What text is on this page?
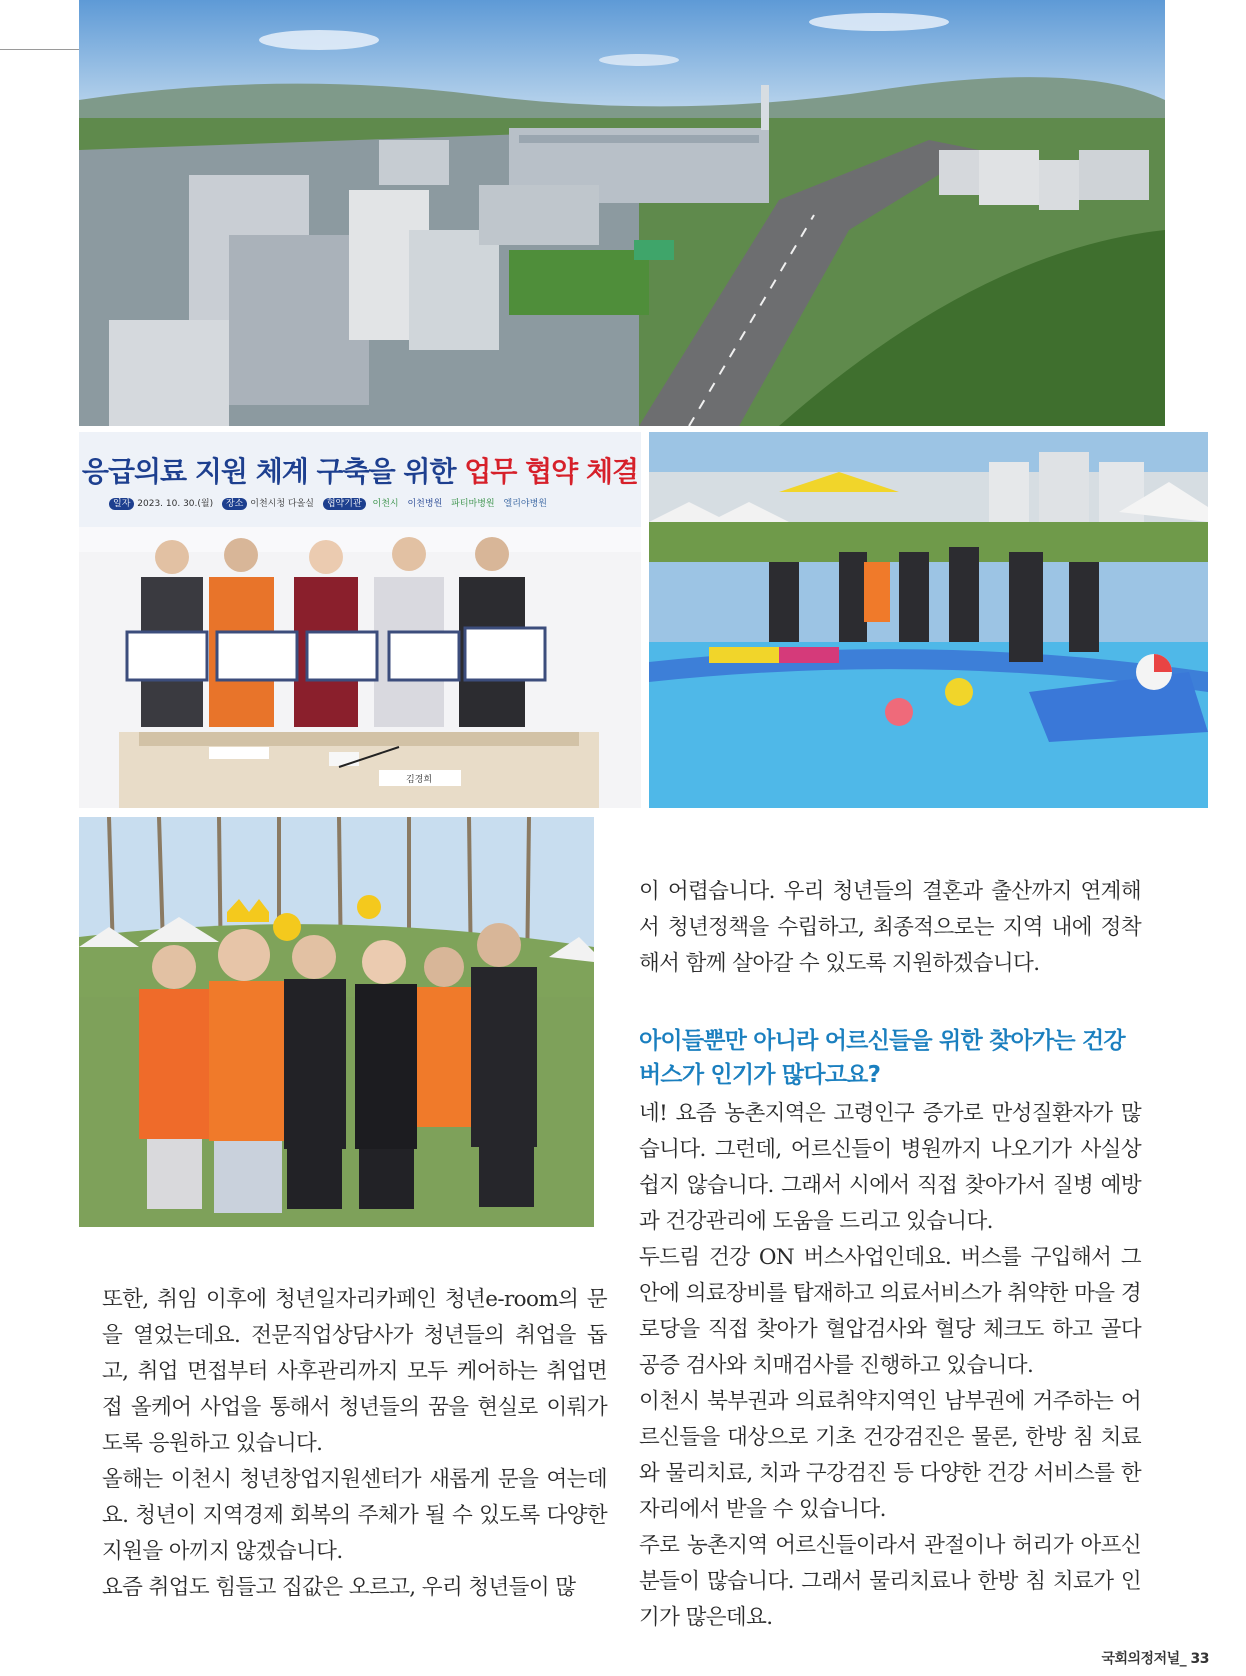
김경희
응급의료 지원 체계 구축을 위한 업무 협약 체결
일자 2023. 10. 30.(월) 장소 이천시청 다올실 협약기관 이천시 이천병원 파티마병원 엘리야병원

또한, 취임 이후에 청년일자리카페인 청년e-room의 문을 열었는데요. 전문직업상담사가 청년들의 취업을 돕고, 취업 면접부터 사후관리까지 모두 케어하는 취업면접 올케어 사업을 통해서 청년들의 꿈을 현실로 이뤄가도록 응원하고 있습니다.

올해는 이천시 청년창업지원센터가 새롭게 문을 여는데요. 청년이 지역경제 회복의 주체가 될 수 있도록 다양한 지원을 아끼지 않겠습니다.

요즘 취업도 힘들고 집값은 오르고, 우리 청년들이 많

이 어렵습니다. 우리 청년들의 결혼과 출산까지 연계해서 청년정책을 수립하고, 최종적으로는 지역 내에 정착해서 함께 살아갈 수 있도록 지원하겠습니다.

아이들뿐만 아니라 어르신들을 위한 찾아가는 건강버스가 인기가 많다고요?

네! 요즘 농촌지역은 고령인구 증가로 만성질환자가 많습니다. 그런데, 어르신들이 병원까지 나오기가 사실상 쉽지 않습니다. 그래서 시에서 직접 찾아가서 질병 예방과 건강관리에 도움을 드리고 있습니다.

두드림 건강 ON 버스사업인데요. 버스를 구입해서 그 안에 의료장비를 탑재하고 의료서비스가 취약한 마을 경로당을 직접 찾아가 혈압검사와 혈당 체크도 하고 골다공증 검사와 치매검사를 진행하고 있습니다.

이천시 북부권과 의료취약지역인 남부권에 거주하는 어르신들을 대상으로 기초 건강검진은 물론, 한방 침 치료와 물리치료, 치과 구강검진 등 다양한 건강 서비스를 한 자리에서 받을 수 있습니다.

주로 농촌지역 어르신들이라서 관절이나 허리가 아프신분들이 많습니다. 그래서 물리치료나 한방 침 치료가 인기가 많은데요.

국회의정저널_ 33
